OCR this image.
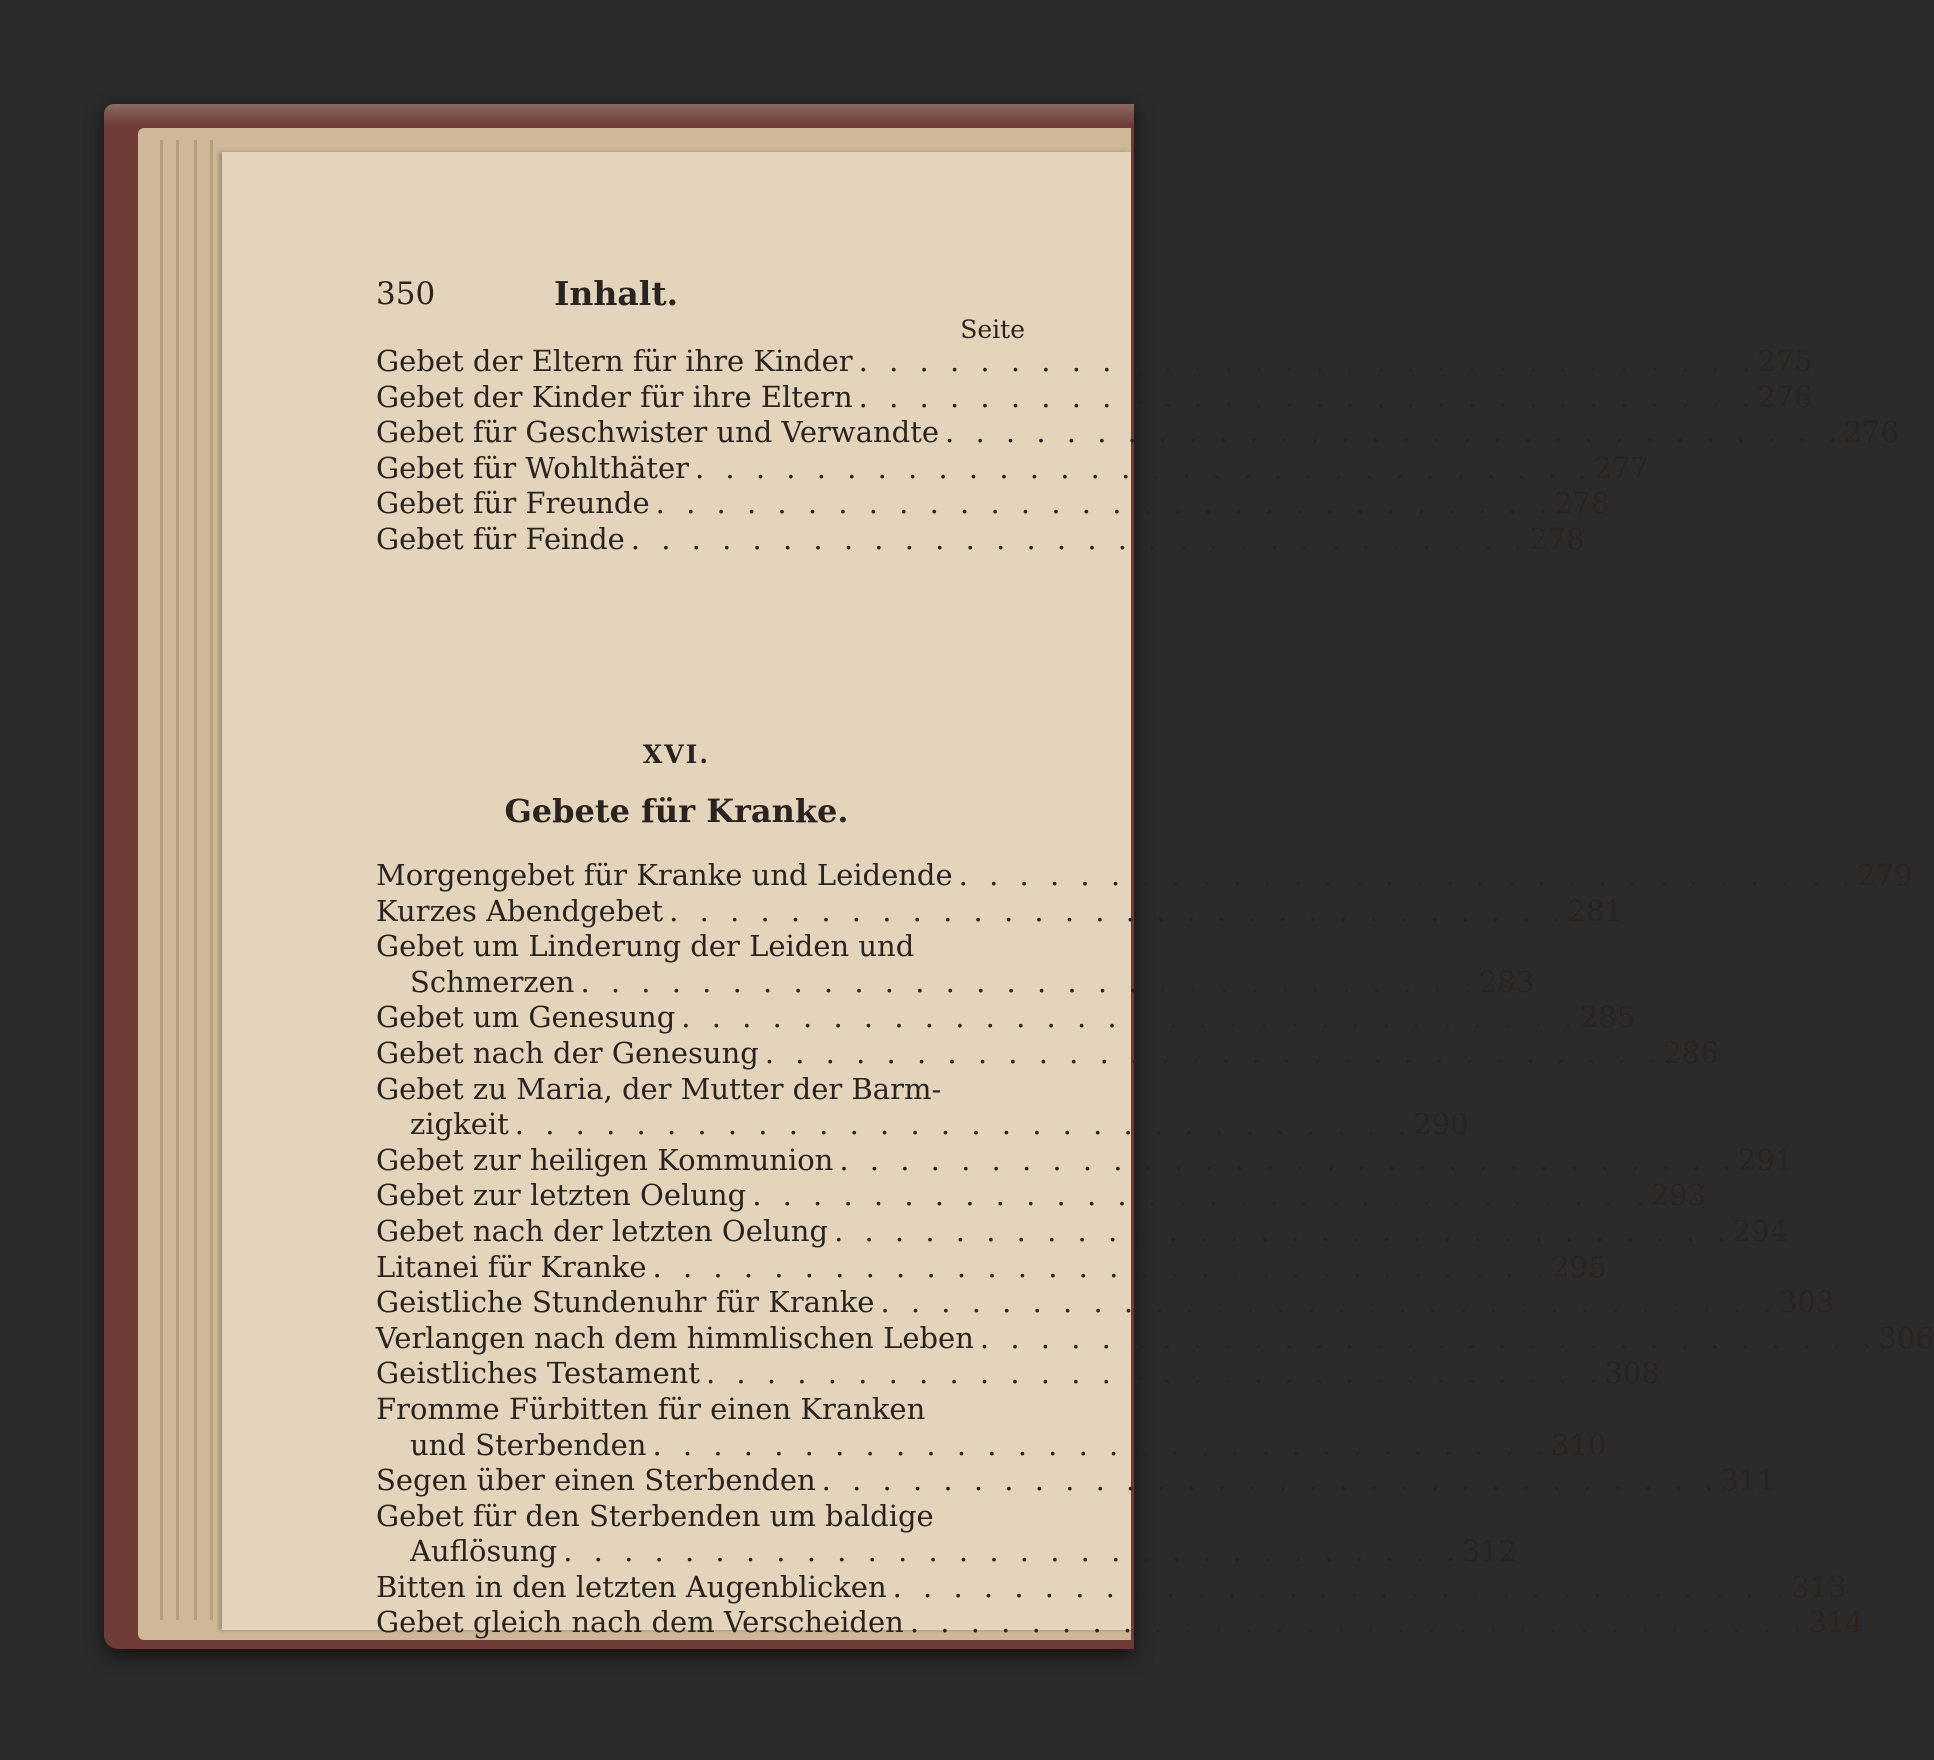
350	Inhalt.
Seite
Gebet der Eltern für ihre Kinder . . .	275
Gebet der Kinder für ihre Eltern . . .	276
Gebet für Geschwister und Verwandte . . .	276
Gebet für Wohlthäter . . .	277
Gebet für Freunde . . .	278
Gebet für Feinde . . .	278
XVI.
Gebete für Kranke.
Morgengebet für Kranke und Leidende . . .	279
Kurzes Abendgebet . . .	281
Gebet um Linderung der Leiden und
Schmerzen . . .	283
Gebet um Genesung . . .	285
Gebet nach der Genesung . . .	286
Gebet zu Maria, der Mutter der Barm-
zigkeit . . .	290
Gebet zur heiligen Kommunion . . .	291
Gebet zur letzten Oelung . . .	293
Gebet nach der letzten Oelung . . .	294
Litanei für Kranke . . .	295
Geistliche Stundenuhr für Kranke . . .	303
Verlangen nach dem himmlischen Leben . . .	306
Geistliches Testament . . .	308
Fromme Fürbitten für einen Kranken
und Sterbenden . . .	310
Segen über einen Sterbenden . . .	311
Gebet für den Sterbenden um baldige
Auflösung . . .	312
Bitten in den letzten Augenblicken . . .	313
Gebet gleich nach dem Verscheiden . . .	314
